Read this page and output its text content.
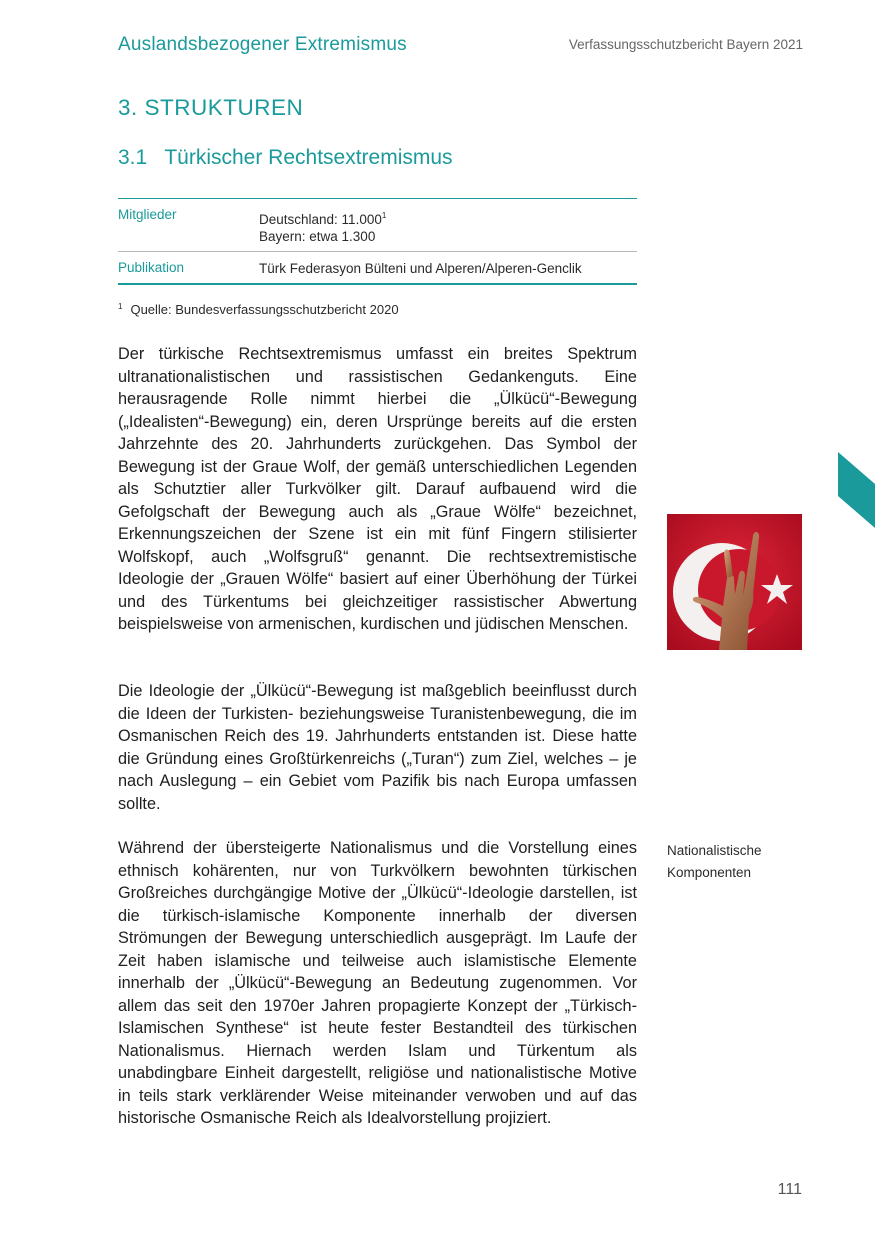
Auslandsbezogener Extremismus	Verfassungsschutzbericht Bayern 2021
3. STRUKTUREN
3.1   Türkischer Rechtsextremismus
Mitglieder	Deutschland: 11.000$^1$
Bayern: etwa 1.300
Publikation	Türk Federasyon Bülteni und Alperen/Alperen-Genclik
$^1$ Quelle: Bundesverfassungsschutzbericht 2020
Der türkische Rechtsextremismus umfasst ein breites Spektrum ultranationalistischen und rassistischen Gedankenguts. Eine herausragende Rolle nimmt hierbei die „Ülkücü“-Bewegung („Idealisten“-Bewegung) ein, deren Ursprünge bereits auf die ersten Jahrzehnte des 20. Jahrhunderts zurückgehen. Das Symbol der Bewegung ist der Graue Wolf, der gemäß unterschiedlichen Legenden als Schutztier aller Turkvölker gilt. Darauf aufbauend wird die Gefolgschaft der Bewegung auch als „Graue Wölfe“ bezeichnet, Erkennungszeichen der Szene ist ein mit fünf Fingern stilisierter Wolfskopf, auch „Wolfsgruß“ genannt. Die rechtsextremistische Ideologie der „Grauen Wölfe“ basiert auf einer Überhöhung der Türkei und des Türkentums bei gleichzeitiger rassistischer Abwertung beispielsweise von armenischen, kurdischen und jüdischen Menschen.
Die Ideologie der „Ülkücü“-Bewegung ist maßgeblich beeinflusst durch die Ideen der Turkisten- beziehungsweise Turanistenbewegung, die im Osmanischen Reich des 19. Jahrhunderts entstanden ist. Diese hatte die Gründung eines Großtürkenreichs („Turan“) zum Ziel, welches – je nach Auslegung – ein Gebiet vom Pazifik bis nach Europa umfassen sollte.
Während der übersteigerte Nationalismus und die Vorstellung eines ethnisch kohärenten, nur von Turkvölkern bewohnten türkischen Großreiches durchgängige Motive der „Ülkücü“-Ideologie darstellen, ist die türkisch-islamische Komponente innerhalb der diversen Strömungen der Bewegung unterschiedlich ausgeprägt. Im Laufe der Zeit haben islamische und teilweise auch islamistische Elemente innerhalb der „Ülkücü“-Bewegung an Bedeutung zugenommen. Vor allem das seit den 1970er Jahren propagierte Konzept der „Türkisch-Islamischen Synthese“ ist heute fester Bestandteil des türkischen Nationalismus. Hiernach werden Islam und Türkentum als unabdingbare Einheit dargestellt, religiöse und nationalistische Motive in teils stark verklärender Weise miteinander verwoben und auf das historische Osmanische Reich als Idealvorstellung projiziert.
Nationalistische
Komponenten
111
